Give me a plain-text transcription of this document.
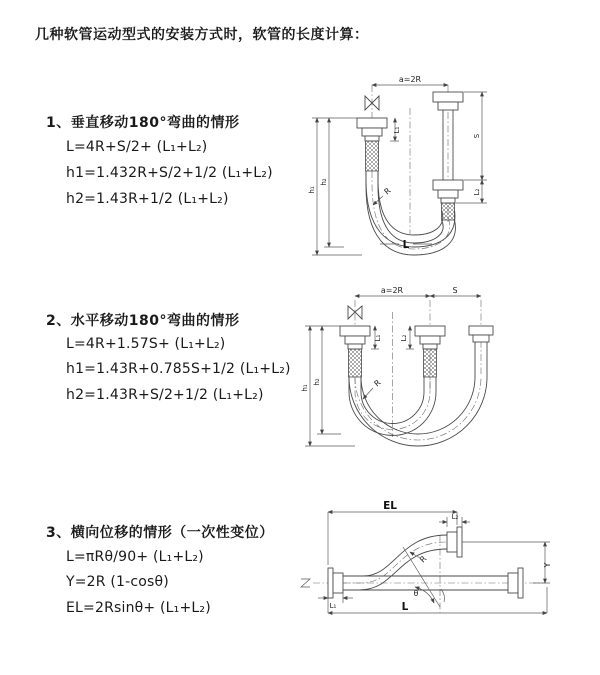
几种软管运动型式的安装方式时，软管的长度计算：
1、垂直移动180°弯曲的情形
L=4R+S/2+ (L₁+L₂)
h1=1.432R+S/2+1/2 (L₁+L₂)
h2=1.43R+1/2 (L₁+L₂)
a=2R
h₁
h₂
L₁
S
L₂
R
L
2、水平移动180°弯曲的情形
L=4R+1.57S+ (L₁+L₂)
h1=1.43R+0.785S+1/2 (L₁+L₂)
h2=1.43R+S/2+1/2 (L₁+L₂)
a=2R	S
h₁
h₂
L₁	L₂
R
3、横向位移的情形（一次性变位）
L=πRθ/90+ (L₁+L₂)
Y=2R (1-cosθ)
EL=2Rsinθ+ (L₁+L₂)
EL
L₂
Y
θ
R
L₁	L
